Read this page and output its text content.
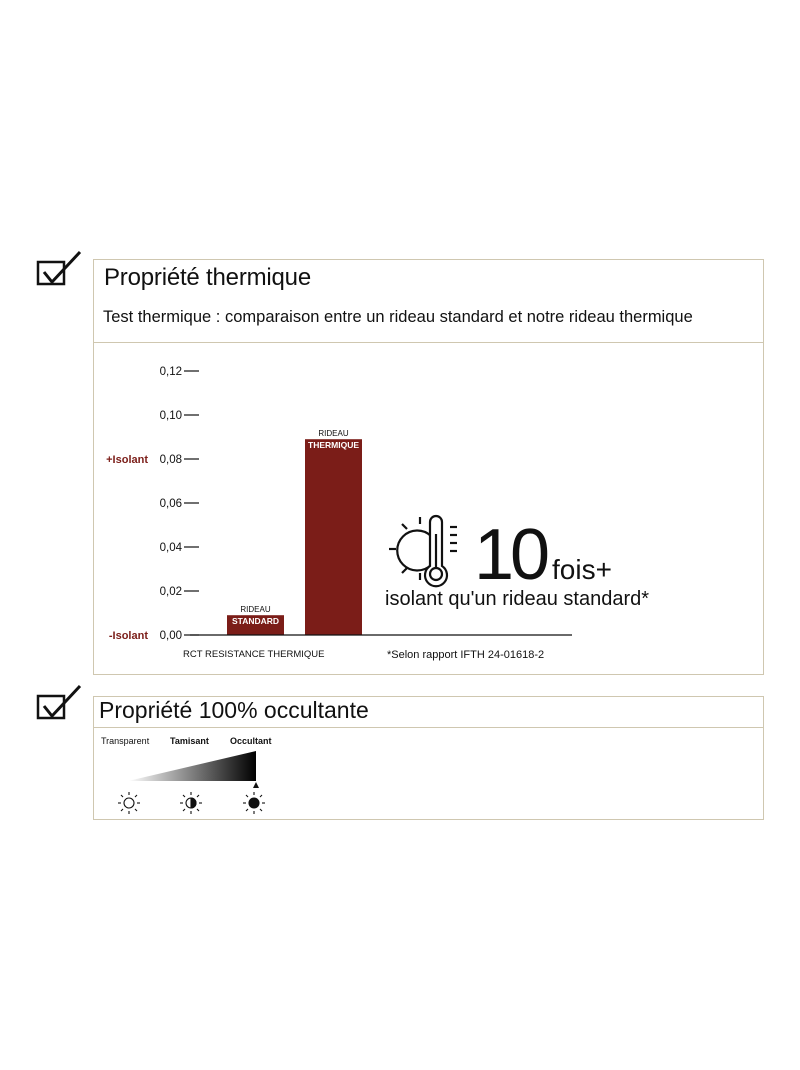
Propriété thermique
Test thermique : comparaison entre un rideau standard et notre rideau thermique
0,00
0,02
0,04
0,06
0,08
0,10
0,12
+Isolant
-Isolant
RIDEAU
STANDARD
RIDEAU
THERMIQUE
RCT RESISTANCE THERMIQUE	*Selon rapport IFTH 24-01618-2
10 fois+
isolant qu'un rideau standard*
Propriété 100% occultante
Transparent Tamisant Occultant
